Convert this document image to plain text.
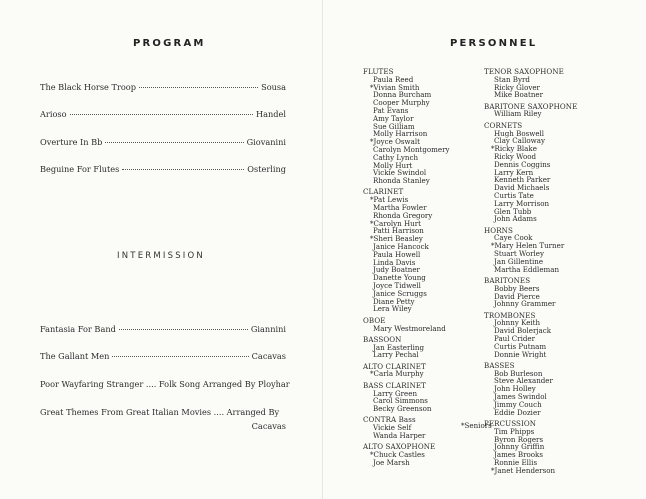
PROGRAM
The Black Horse Troop	Sousa
Arioso	Handel
Overture In Bb	Giovanini
Beguine For Flutes	Osterling
INTERMISSION
Fantasia For Band	Giannini
The Gallant Men	Cacavas
Poor Wayfaring Stranger .... Folk Song Arranged By Ployhar
Great Themes From Great Italian Movies .... Arranged By
Cacavas
PERSONNEL
FLUTES
Paula Reed
*Vivian Smith
Donna Burcham
Cooper Murphy
Pat Evans
Amy Taylor
Sue Gilliam
Molly Harrison
*Joyce Oswalt
Carolyn Montgomery
Cathy Lynch
Molly Hurt
Vickie Swindol
Rhonda Stanley
CLARINET
*Pat Lewis
Martha Fowler
Rhonda Gregory
*Carolyn Hurt
Patti Harrison
*Sheri Beasley
Janice Hancock
Paula Howell
Linda Davis
Judy Boatner
Danette Young
Joyce Tidwell
Janice Scruggs
Diane Petty
Lera Wiley
OBOE
Mary Westmoreland
BASSOON
Jan Easterling
Larry Pechal
ALTO CLARINET
*Carla Murphy
BASS CLARINET
Larry Green
Carol Simmons
Becky Greenson
CONTRA Bass
Vickie Self
Wanda Harper
ALTO SAXOPHONE
*Chuck Castles
Joe Marsh
TENOR SAXOPHONE
Stan Byrd
Ricky Glover
Mike Boatner
BARITONE SAXOPHONE
William Riley
CORNETS
Hugh Boswell
Clay Calloway
*Ricky Blake
Ricky Wood
Dennis Coggins
Larry Kern
Kenneth Parker
David Michaels
Curtis Tate
Larry Morrison
Glen Tubb
John Adams
HORNS
Caye Cook
*Mary Helen Turner
Stuart Worley
Jan Gillentine
Martha Eddleman
BARITONES
Bobby Beers
David Pierce
Johnny Grammer
TROMBONES
Johnny Keith
David Bolerjack
Paul Crider
Curtis Putnam
Donnie Wright
BASSES
Bob Burleson
Steve Alexander
John Holley
James Swindol
Jimmy Couch
Eddie Dozier
PERCUSSION
Tim Phipps
Byron Rogers
Johnny Griffin
James Brooks
Ronnie Ellis
*Janet Henderson
*Seniors
